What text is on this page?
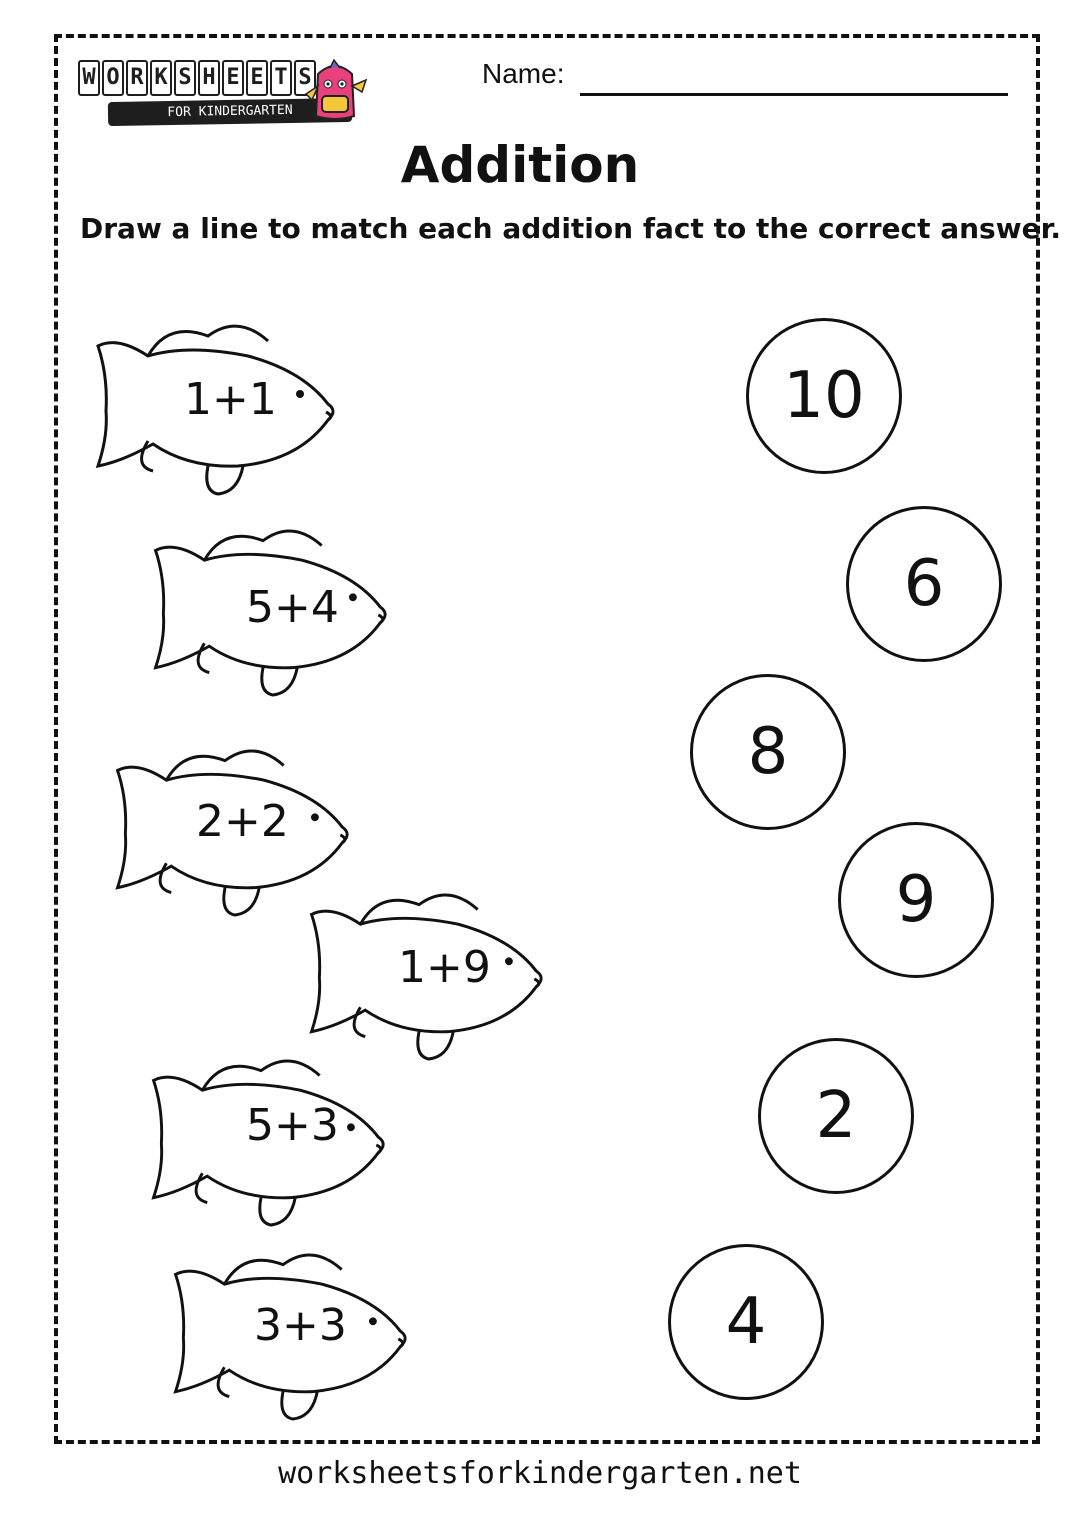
W O R K S H E E T S
FOR KINDERGARTEN
Name:
Addition
Draw a line to match each addition fact to the correct answer.
1+1
5+4
2+2
1+9
5+3
3+3
10
6
8
9
2
4
worksheetsforkindergarten.net
